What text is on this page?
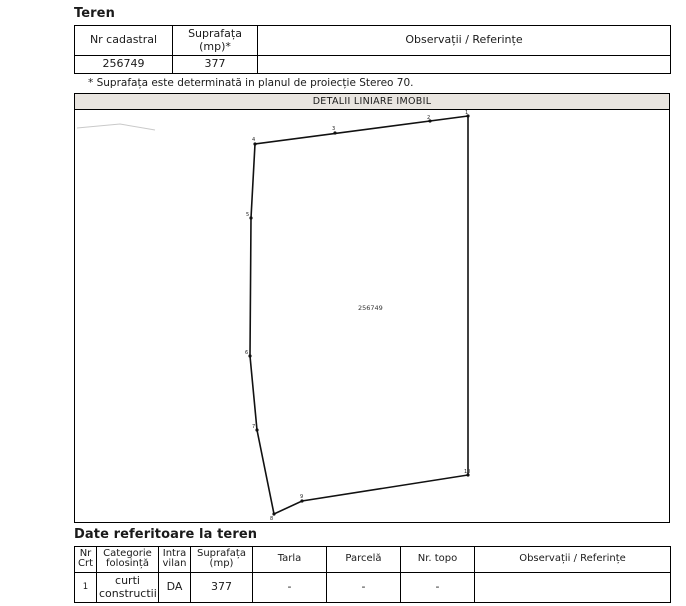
Teren
Nr cadastral	Suprafața (mp)*	Observații / Referințe
256749	377	
* Suprafața este determinată in planul de proiecție Stereo 70.
DETALII LINIARE IMOBIL
1
2
3
4
5
6
7
8
9
10
256749
Date referitoare la teren
Nr Crt	Categorie folosință	Intra vilan	Suprafața (mp)	Tarla	Parcelă	Nr. topo	Observații / Referințe
1	curti constructii	DA	377	-	-	-	
